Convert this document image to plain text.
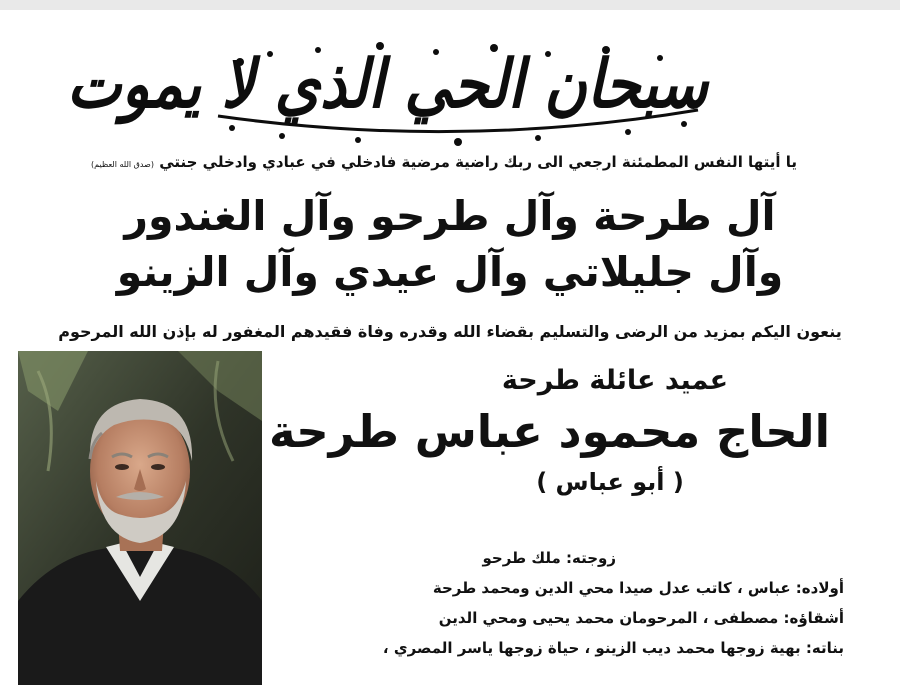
سبحان الحي الذي لا يموت
يا أيتها النفس المطمئنة ارجعي الى ربك راضية مرضية فادخلي في عبادي وادخلي جنتي (صدق الله العظيم)
آل طرحة وآل طرحو وآل الغندور
وآل جليلاتي وآل عيدي وآل الزينو
ينعون اليكم بمزيد من الرضى والتسليم بقضاء الله وقدره وفاة فقيدهم المغفور له بإذن الله المرحوم
عميد عائلة طرحة
الحاج محمود عباس طرحة
( أبو عباس )
زوجته: ملك طرحو
أولاده: عباس ، كاتب عدل صيدا محي الدين ومحمد طرحة
أشقاؤه: مصطفى ، المرحومان محمد يحيى ومحي الدين
بناته: بهية زوجها محمد ديب الزينو ، حياة زوجها ياسر المصري ،
